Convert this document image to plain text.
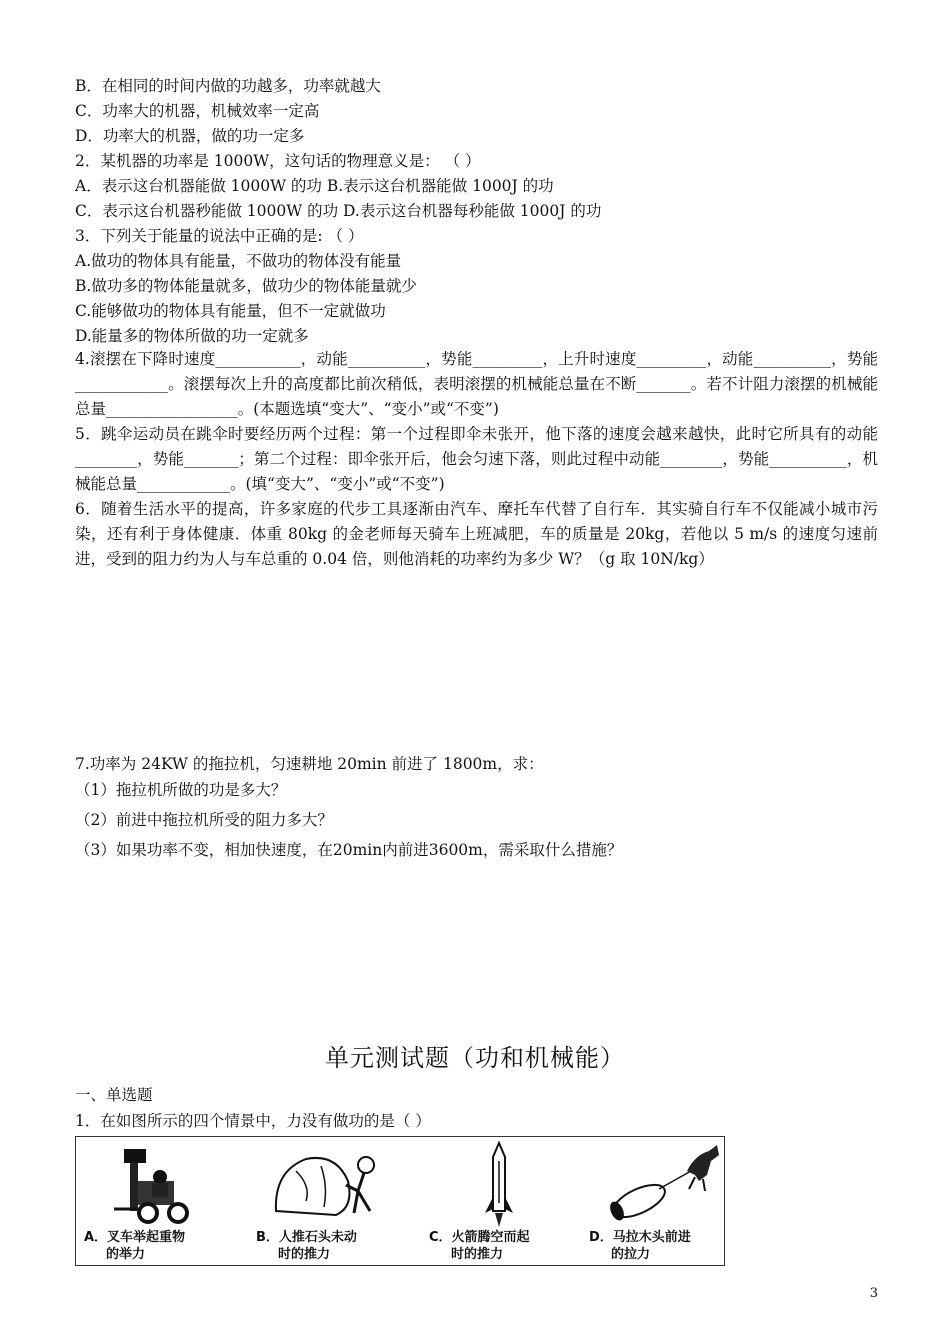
B．在相同的时间内做的功越多，功率就越大
C．功率大的机器，机械效率一定高
D．功率大的机器，做的功一定多
2．某机器的功率是 1000W，这句话的物理意义是： （ ）
A．表示这台机器能做 1000W 的功 B.表示这台机器能做 1000J 的功
C．表示这台机器秒能做 1000W 的功 D.表示这台机器每秒能做 1000J 的功
3．下列关于能量的说法中正确的是: （ ）
A.做功的物体具有能量，不做功的物体没有能量
B.做功多的物体能量就多，做功少的物体能量就少
C.能够做功的物体具有能量，但不一定就做功
D.能量多的物体所做的功一定就多
4.滚摆在下降时速度___________，动能__________，势能_________，上升时速度_________，动能__________，势能____________。滚摆每次上升的高度都比前次稍低，表明滚摆的机械能总量在不断_______。若不计阻力滚摆的机械能总量_________________。(本题选填“变大”、“变小”或“不变”)
5．跳伞运动员在跳伞时要经历两个过程：第一个过程即伞未张开，他下落的速度会越来越快，此时它所具有的动能 ________，势能_______；第二个过程：即伞张开后，他会匀速下落，则此过程中动能________，势能__________，机械能总量____________。(填“变大”、“变小”或“不变”)
6．随着生活水平的提高，许多家庭的代步工具逐渐由汽车、摩托车代替了自行车．其实骑自行车不仅能减小城市污染，还有利于身体健康．体重 80kg 的金老师每天骑车上班减肥，车的质量是 20kg，若他以 5 m/s 的速度匀速前进，受到的阻力约为人与车总重的 0.04 倍，则他消耗的功率约为多少 W？（g 取 10N/kg）
7.功率为 24KW 的拖拉机，匀速耕地 20min 前进了 1800m，求：
（1）拖拉机所做的功是多大？
（2）前进中拖拉机所受的阻力多大？
（3）如果功率不变，相加快速度，在20min内前进3600m，需采取什么措施？
单元测试题（功和机械能）
一、单选题
1．在如图所示的四个情景中，力没有做功的是（ ）
A．叉车举起重物
的举力
B．人推石头未动
时的推力
C．火箭腾空而起
时的推力
D．马拉木头前进
的拉力
3
